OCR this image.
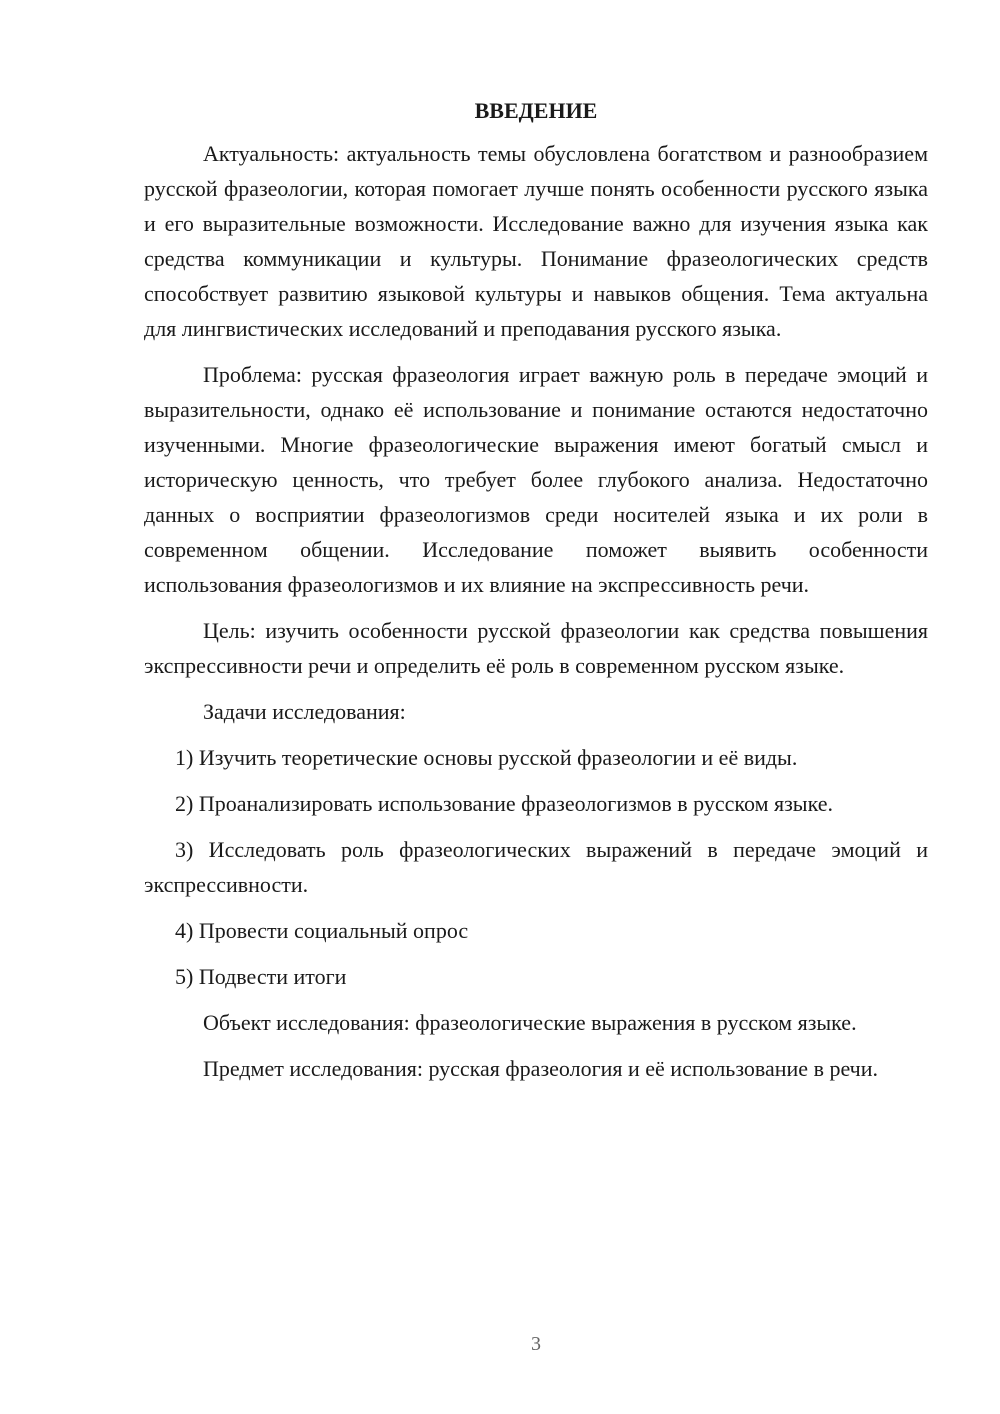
ВВЕДЕНИЕ

Актуальность: актуальность темы обусловлена богатством и разнообразием русской фразеологии, которая помогает лучше понять особенности русского языка и его выразительные возможности. Исследование важно для изучения языка как средства коммуникации и культуры. Понимание фразеологических средств способствует развитию языковой культуры и навыков общения. Тема актуальна для лингвистических исследований и преподавания русского языка.

Проблема: русская фразеология играет важную роль в передаче эмоций и выразительности, однако её использование и понимание остаются недостаточно изученными. Многие фразеологические выражения имеют богатый смысл и историческую ценность, что требует более глубокого анализа. Недостаточно данных о восприятии фразеологизмов среди носителей языка и их роли в современном общении. Исследование поможет выявить особенности использования фразеологизмов и их влияние на экспрессивность речи.

Цель: изучить особенности русской фразеологии как средства повышения экспрессивности речи и определить её роль в современном русском языке.

Задачи исследования:

1) Изучить теоретические основы русской фразеологии и её виды.

2) Проанализировать использование фразеологизмов в русском языке.

3) Исследовать роль фразеологических выражений в передаче эмоций и экспрессивности.

4) Провести социальный опрос

5) Подвести итоги

Объект исследования: фразеологические выражения в русском языке.

Предмет исследования: русская фразеология и её использование в речи.

3
